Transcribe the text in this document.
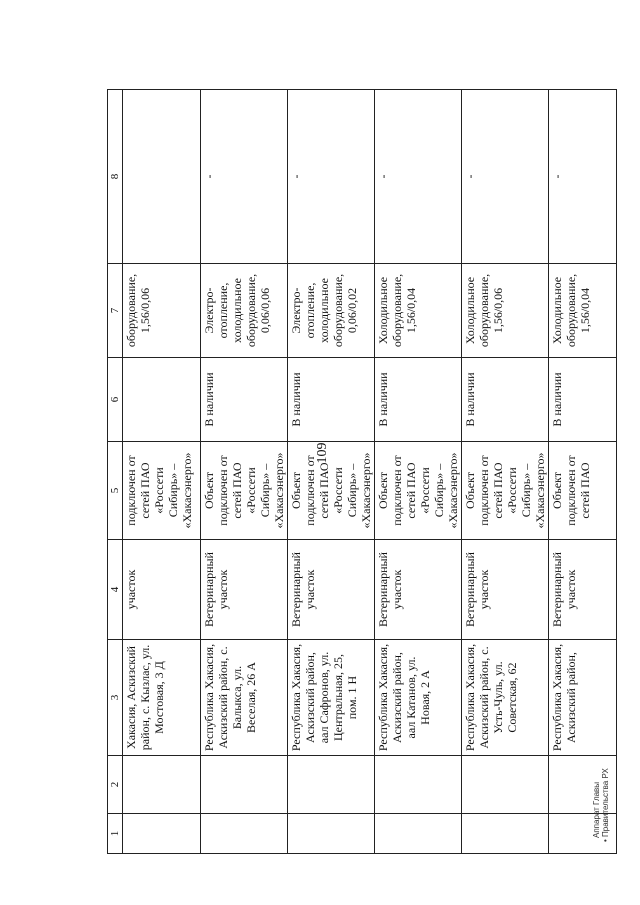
109
1	2	3	4	5	6	7	8
		Хакасия, Аскизский район, с. Кызлас, ул. Мостовая, 3 Д	участок	подключен от сетей ПАО «Россети Сибирь» – «Хакасэнерго»		оборудование, 1,56/0,06	
		Республика Хакасия, Аскизский район, с. Балыкса, ул. Веселая, 26 А	Ветеринарный участок	Объект подключен от сетей ПАО «Россети Сибирь» – «Хакасэнерго»	В наличии	Электро-отопление, холодильное оборудование, 0,06/0,06	-
		Республика Хакасия, Аскизский район, аал Сафронов, ул. Центральная, 25, пом. 1 Н	Ветеринарный участок	Объект подключен от сетей ПАО «Россети Сибирь» – «Хакасэнерго»	В наличии	Электро-отопление, холодильное оборудование, 0,06/0,02	-
		Республика Хакасия, Аскизский район, аал Катанов, ул. Новая, 2 А	Ветеринарный участок	Объект подключен от сетей ПАО «Россети Сибирь» – «Хакасэнерго»	В наличии	Холодильное оборудование, 1,56/0,04	-
		Республика Хакасия, Аскизский район, с. Усть-Чуль, ул. Советская, 62	Ветеринарный участок	Объект подключен от сетей ПАО «Россети Сибирь» – «Хакасэнерго»	В наличии	Холодильное оборудование, 1,56/0,06	-
		Республика Хакасия, Аскизский район,	Ветеринарный участок	Объект подключен от сетей ПАО	В наличии	Холодильное оборудование, 1,56/0,04	-
Аппарат Главы • Правительства РХ
